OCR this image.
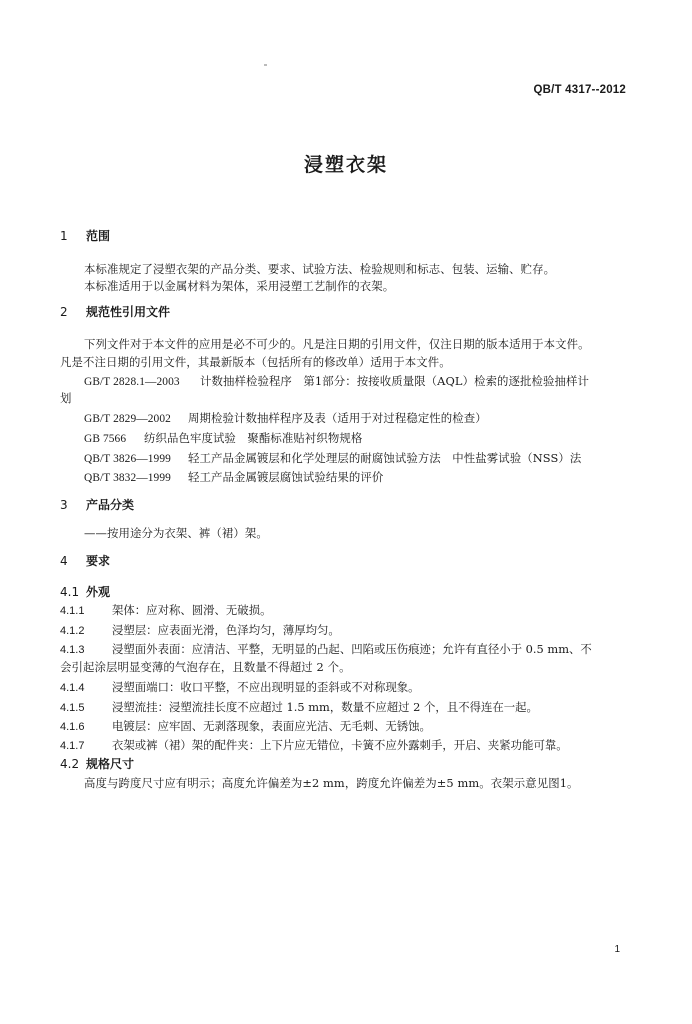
QB/T 4317--2012
浸塑衣架
1 范围
本标准规定了浸塑衣架的产品分类、要求、试验方法、检验规则和标志、包装、运输、贮存。
本标准适用于以金属材料为架体，采用浸塑工艺制作的衣架。
2 规范性引用文件
下列文件对于本文件的应用是必不可少的。凡是注日期的引用文件，仅注日期的版本适用于本文件。
凡是不注日期的引用文件，其最新版本（包括所有的修改单）适用于本文件。
GB/T 2828.1—2003 计数抽样检验程序　第1部分：按接收质量限（AQL）检索的逐批检验抽样计
划
GB/T 2829—2002 周期检验计数抽样程序及表（适用于对过程稳定性的检查）
GB 7566 纺织品色牢度试验　聚酯标准贴衬织物规格
QB/T 3826—1999 轻工产品金属镀层和化学处理层的耐腐蚀试验方法　中性盐雾试验（NSS）法
QB/T 3832—1999 轻工产品金属镀层腐蚀试验结果的评价
3 产品分类
——按用途分为衣架、裤（裙）架。
4 要求
4.1 外观
4.1.1 架体：应对称、圆滑、无破损。
4.1.2 浸塑层：应表面光滑，色泽均匀，薄厚均匀。
4.1.3 浸塑面外表面：应清洁、平整，无明显的凸起、凹陷或压伤痕迹；允许有直径小于 0.5 mm、不
会引起涂层明显变薄的气泡存在，且数量不得超过 2 个。
4.1.4 浸塑面端口：收口平整，不应出现明显的歪斜或不对称现象。
4.1.5 浸塑流挂：浸塑流挂长度不应超过 1.5 mm，数量不应超过 2 个，且不得连在一起。
4.1.6 电镀层：应牢固、无剥落现象，表面应光洁、无毛刺、无锈蚀。
4.1.7 衣架或裤（裙）架的配件夹：上下片应无错位，卡簧不应外露刺手，开启、夹紧功能可靠。
4.2 规格尺寸
高度与跨度尺寸应有明示；高度允许偏差为±2 mm，跨度允许偏差为±5 mm。衣架示意见图1。
1
